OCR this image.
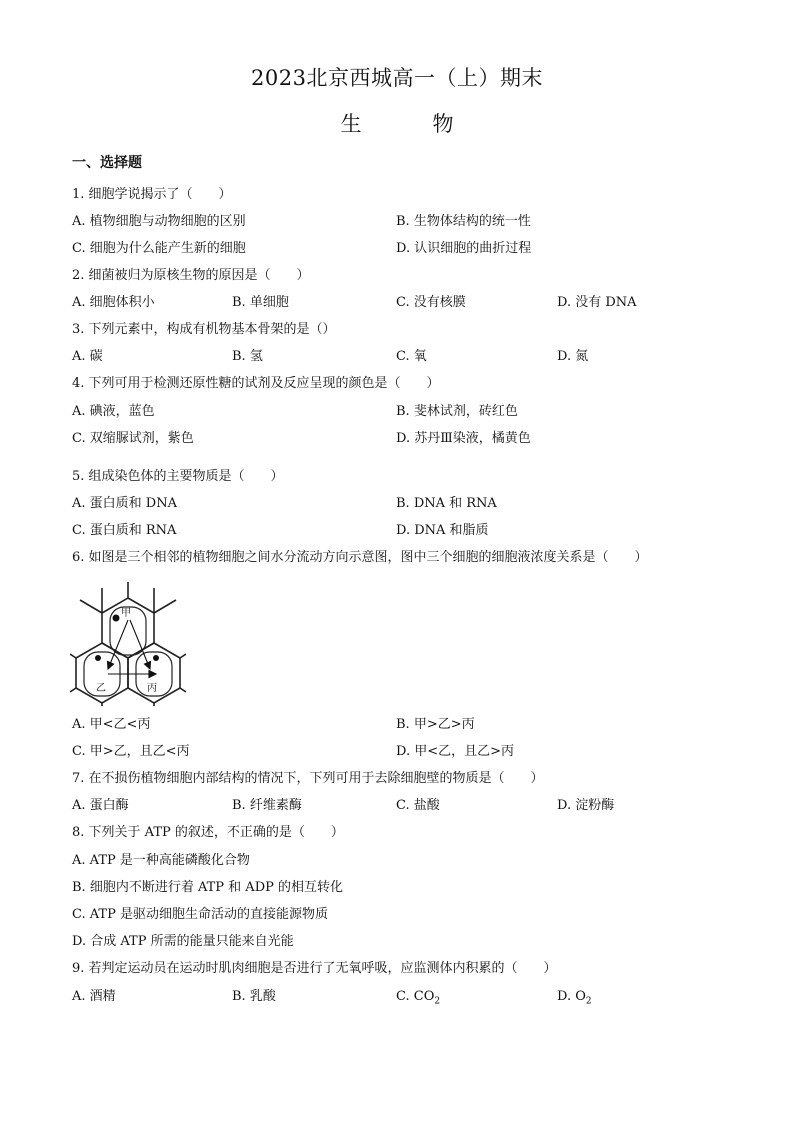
2023北京西城高一（上）期末
生	物
一、选择题
1. 细胞学说揭示了（　　）
A. 植物细胞与动物细胞的区别	B. 生物体结构的统一性
C. 细胞为什么能产生新的细胞	D. 认识细胞的曲折过程
2. 细菌被归为原核生物的原因是（　　）
A. 细胞体积小	B. 单细胞	C. 没有核膜	D. 没有 DNA
3. 下列元素中，构成有机物基本骨架的是（）
A. 碳	B. 氢	C. 氧	D. 氮
4. 下列可用于检测还原性糖的试剂及反应呈现的颜色是（　　）
A. 碘液，蓝色	B. 斐林试剂，砖红色
C. 双缩脲试剂，紫色	D. 苏丹Ⅲ染液，橘黄色
5. 组成染色体的主要物质是（　　）
A. 蛋白质和 DNA	B. DNA 和 RNA
C. 蛋白质和 RNA	D. DNA 和脂质
6. 如图是三个相邻的植物细胞之间水分流动方向示意图，图中三个细胞的细胞液浓度关系是（　　）
甲
乙	丙
A. 甲<乙<丙	B. 甲>乙>丙
C. 甲>乙，且乙<丙	D. 甲<乙，且乙>丙
7. 在不损伤植物细胞内部结构的情况下，下列可用于去除细胞壁的物质是（　　）
A. 蛋白酶	B. 纤维素酶	C. 盐酸	D. 淀粉酶
8. 下列关于 ATP 的叙述，不正确的是（　　）
A. ATP 是一种高能磷酸化合物
B. 细胞内不断进行着 ATP 和 ADP 的相互转化
C. ATP 是驱动细胞生命活动的直接能源物质
D. 合成 ATP 所需的能量只能来自光能
9. 若判定运动员在运动时肌肉细胞是否进行了无氧呼吸，应监测体内积累的（　　）
A. 酒精	B. 乳酸	C. $CO_2$	D. $O_2$
